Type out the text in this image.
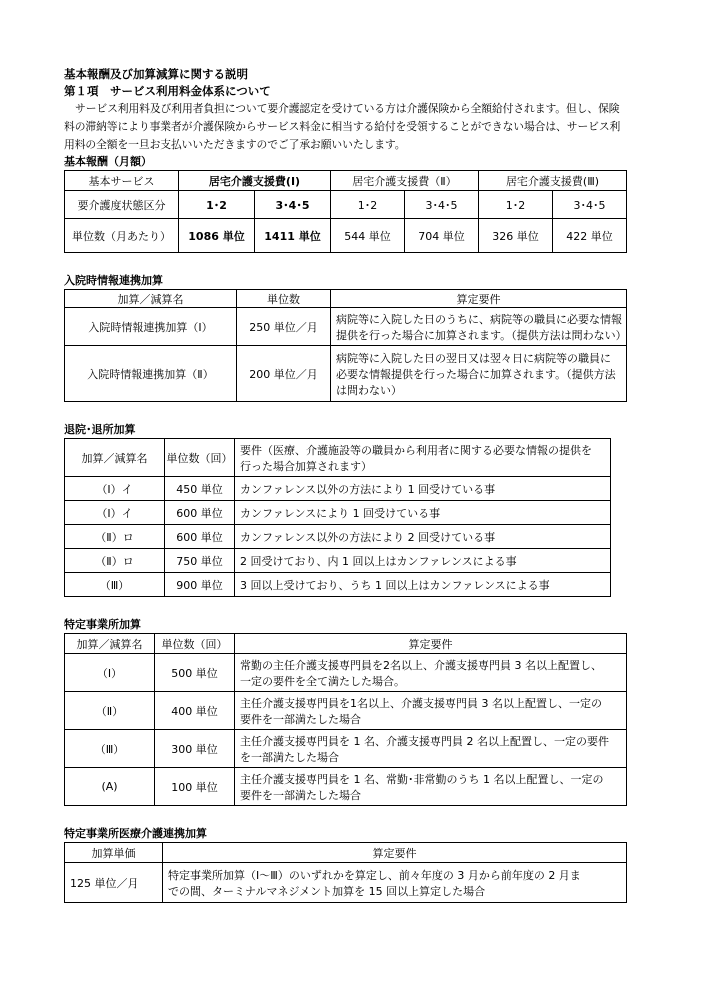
基本報酬及び加算減算に関する説明
第１項　サービス利用料金体系について
サービス利用料及び利用者負担について要介護認定を受けている方は介護保険から全額給付されます。但し、保険料の滞納等により事業者が介護保険からサービス料金に相当する給付を受領することができない場合は、サービス利用料の全額を一旦お支払いいただきますのでご了承お願いいたします。
基本報酬（月額）
基本サービス	居宅介護支援費(Ⅰ)		居宅介護支援費（Ⅱ）		居宅介護支援費(Ⅲ)	
要介護度状態区分	1･2	3･4･5	1･2	3･4･5	1･2	3･4･5
単位数（月あたり）	1086 単位	1411 単位	544 単位	704 単位	326 単位	422 単位
入院時情報連携加算
加算／減算名	単位数	算定要件
入院時情報連携加算（Ⅰ）	250 単位／月	病院等に入院した日のうちに、病院等の職員に必要な情報
提供を行った場合に加算されます。（提供方法は問わない）

入院時情報連携加算（Ⅱ）	200 単位／月	病院等に入院した日の翌日又は翌々日に病院等の職員に
必要な情報提供を行った場合に加算されます。（提供方法
は問わない）
退院･退所加算
加算／減算名	単位数（回）	要件（医療、介護施設等の職員から利用者に関する必要な情報の提供を
行った場合加算されます）

（Ⅰ）イ	450 単位	カンファレンス以外の方法により 1 回受けている事
（Ⅰ）イ	600 単位	カンファレンスにより 1 回受けている事
（Ⅱ）ロ	600 単位	カンファレンス以外の方法により 2 回受けている事
（Ⅱ）ロ	750 単位	2 回受けており、内 1 回以上はカンファレンスによる事
（Ⅲ）	900 単位	3 回以上受けており、うち 1 回以上はカンファレンスによる事
特定事業所加算
加算／減算名	単位数（回）	算定要件
（Ⅰ）	500 単位	常勤の主任介護支援専門員を2名以上、介護支援専門員 3 名以上配置し、
一定の要件を全て満たした場合。

（Ⅱ）	400 単位	主任介護支援専門員を1名以上、介護支援専門員 3 名以上配置し、一定の
要件を一部満たした場合

（Ⅲ）	300 単位	主任介護支援専門員を 1 名、介護支援専門員 2 名以上配置し、一定の要件
を一部満たした場合

(A)	100 単位	主任介護支援専門員を 1 名、常勤･非常勤のうち 1 名以上配置し、一定の
要件を一部満たした場合
特定事業所医療介護連携加算
加算単価	算定要件
125 単位／月	特定事業所加算（Ⅰ～Ⅲ）のいずれかを算定し、前々年度の 3 月から前年度の 2 月ま
での間、ターミナルマネジメント加算を 15 回以上算定した場合
